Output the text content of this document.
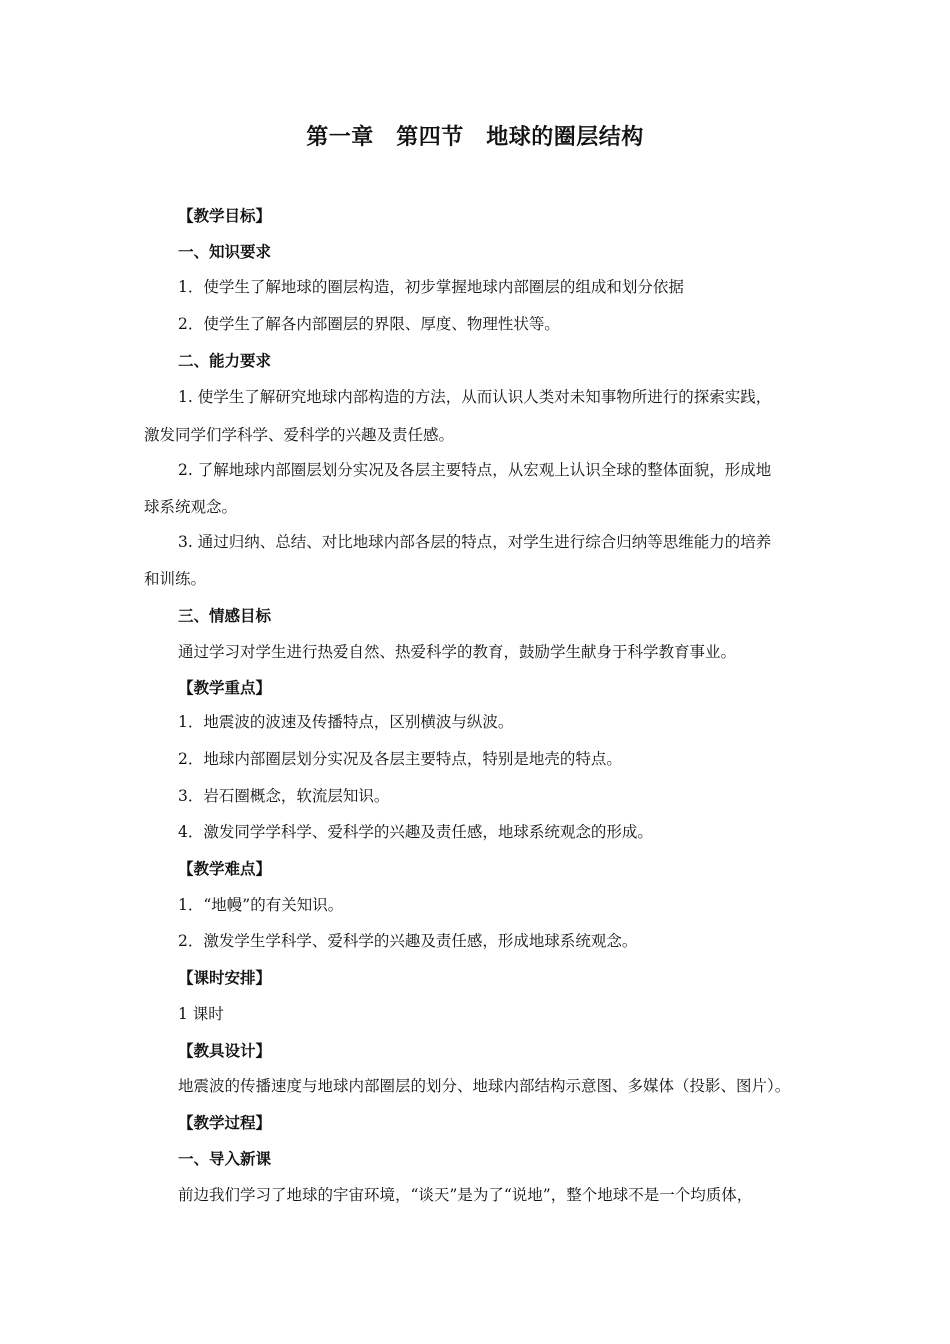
第一章　第四节　地球的圈层结构
【教学目标】
一、知识要求
1．使学生了解地球的圈层构造，初步掌握地球内部圈层的组成和划分依据
2．使学生了解各内部圈层的界限、厚度、物理性状等。
二、能力要求
1. 使学生了解研究地球内部构造的方法，从而认识人类对未知事物所进行的探索实践，
激发同学们学科学、爱科学的兴趣及责任感。
2. 了解地球内部圈层划分实况及各层主要特点，从宏观上认识全球的整体面貌，形成地
球系统观念。
3. 通过归纳、总结、对比地球内部各层的特点，对学生进行综合归纳等思维能力的培养
和训练。
三、情感目标
通过学习对学生进行热爱自然、热爱科学的教育，鼓励学生献身于科学教育事业。
【教学重点】
1．地震波的波速及传播特点，区别横波与纵波。
2．地球内部圈层划分实况及各层主要特点，特别是地壳的特点。
3．岩石圈概念，软流层知识。
4．激发同学学科学、爱科学的兴趣及责任感，地球系统观念的形成。
【教学难点】
1．“地幔”的有关知识。
2．激发学生学科学、爱科学的兴趣及责任感，形成地球系统观念。
【课时安排】
1 课时
【教具设计】
地震波的传播速度与地球内部圈层的划分、地球内部结构示意图、多媒体（投影、图片）。
【教学过程】
一、导入新课
前边我们学习了地球的宇宙环境，“谈天”是为了“说地”，整个地球不是一个均质体，
